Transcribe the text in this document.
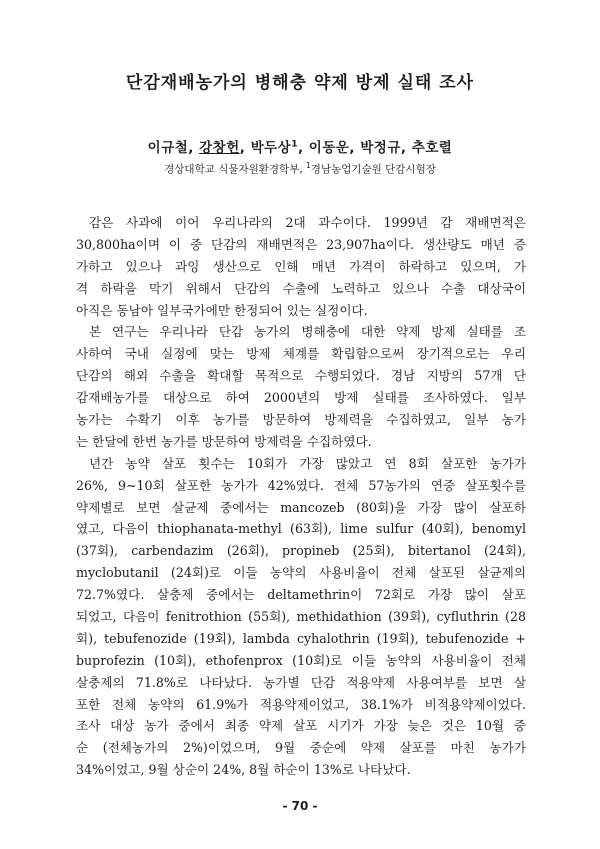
단감재배농가의 병해충 약제 방제 실태 조사
이규철, 강창헌, 박두상$^1$, 이동운, 박정규, 추호렬
경상대학교 식물자원환경학부, $^1$경남농업기술원 단감시험장
감은 사과에 이어 우리나라의 2대 과수이다. 1999년 감 재배면적은
30,800ha이며 이 중 단감의 재배면적은 23,907ha이다. 생산량도 매년 증
가하고 있으나 과잉 생산으로 인해 매년 가격이 하락하고 있으며, 가
격 하락을 막기 위해서 단감의 수출에 노력하고 있으나 수출 대상국이
아직은 동남아 일부국가에만 한정되어 있는 실정이다.
본 연구는 우리나라 단감 농가의 병해충에 대한 약제 방제 실태를 조
사하여 국내 실정에 맞는 방제 체계를 확립함으로써 장기적으로는 우리
단감의 해외 수출을 확대할 목적으로 수행되었다. 경남 지방의 57개 단
감재배농가를 대상으로 하여 2000년의 방제 실태를 조사하였다. 일부
농가는 수확기 이후 농가를 방문하여 방제력을 수집하였고, 일부 농가
는 한달에 한번 농가를 방문하여 방제력을 수집하였다.
년간 농약 살포 횟수는 10회가 가장 많았고 연 8회 살포한 농가가
26%, 9~10회 살포한 농가가 42%였다. 전체 57농가의 연중 살포횟수를
약제별로 보면 살균제 중에서는 mancozeb (80회)을 가장 많이 살포하
였고, 다음이 thiophanata-methyl (63회), lime sulfur (40회), benomyl
(37회), carbendazim (26회), propineb (25회), bitertanol (24회),
myclobutanil (24회)로 이들 농약의 사용비율이 전체 살포된 살균제의
72.7%였다. 살충제 중에서는 deltamethrin이 72회로 가장 많이 살포
되었고, 다음이 fenitrothion (55회), methidathion (39회), cyfluthrin (28
회), tebufenozide (19회), lambda cyhalothrin (19회), tebufenozide +
buprofezin (10회), ethofenprox (10회)로 이들 농약의 사용비율이 전체
살충제의 71.8%로 나타났다. 농가별 단감 적용약제 사용여부를 보면 살
포한 전체 농약의 61.9%가 적용약제이었고, 38.1%가 비적용약제이었다.
조사 대상 농가 중에서 최종 약제 살포 시기가 가장 늦은 것은 10월 중
순 (전체농가의 2%)이었으며, 9월 중순에 약제 살포를 마친 농가가
34%이었고, 9월 상순이 24%, 8월 하순이 13%로 나타났다.
- 70 -
